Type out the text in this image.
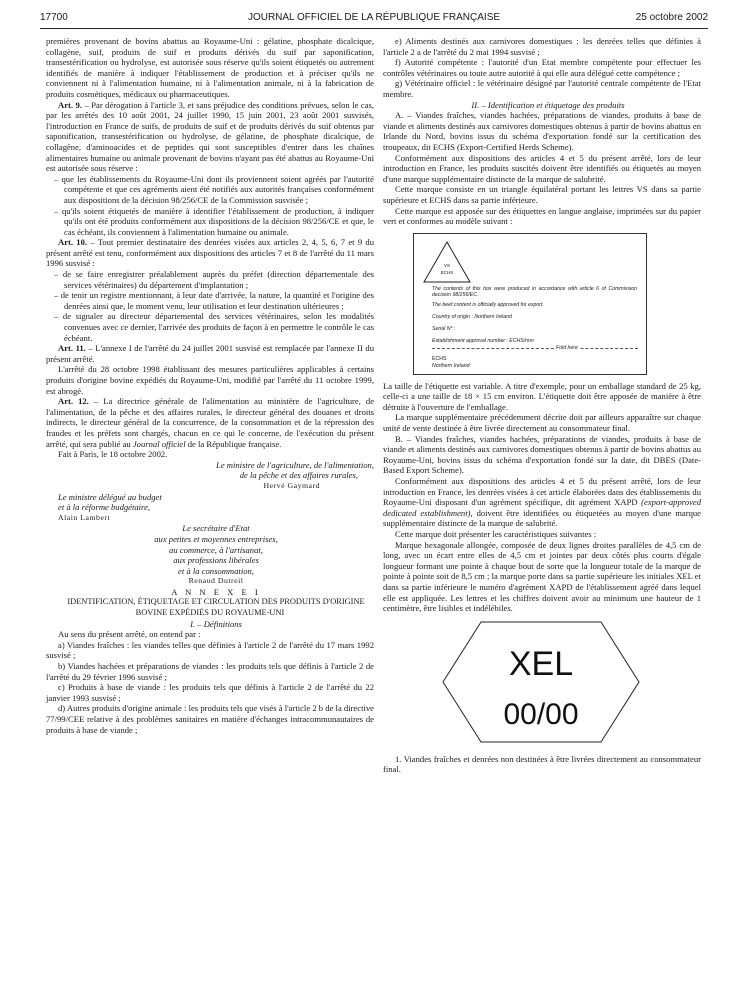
17700	JOURNAL OFFICIEL DE LA RÉPUBLIQUE FRANÇAISE	25 octobre 2002

premières provenant de bovins abattus au Royaume-Uni : gélatine, phosphate dicalcique, collagène, suif, produits de suif et produits dérivés du suif par saponification, transestérification ou hydrolyse, est autorisée sous réserve qu'ils soient étiquetés ou autrement identifiés de manière à indiquer l'établissement de production et à préciser qu'ils ne conviennent ni à l'alimentation humaine, ni à l'alimentation animale, ni à la fabrication de produits cosmétiques, médicaux ou pharmaceutiques.

Art. 9. – Par dérogation à l'article 3, et sans préjudice des conditions prévues, selon le cas, par les arrêtés des 10 août 2001, 24 juillet 1990, 15 juin 2001, 23 août 2001 susvisés, l'introduction en France de suifs, de produits de suif et de produits dérivés du suif obtenus par saponification, transestérification ou hydrolyse, de gélatine, de phosphate dicalcique, de collagène, d'aminoacides et de peptides qui sont susceptibles d'entrer dans les chaînes alimentaires humaine ou animale provenant de bovins n'ayant pas été abattus au Royaume-Uni est autorisée sous réserve :

– que les établissements du Royaume-Uni dont ils proviennent soient agréés par l'autorité compétente et que ces agréments aient été notifiés aux autorités françaises conformément aux dispositions de la décision 98/256/CE de la Commission susvisée ;

– qu'ils soient étiquetés de manière à identifier l'établissement de production, à indiquer qu'ils ont été produits conformément aux dispositions de la décision 98/256/CE et que, le cas échéant, ils conviennent à l'alimentation humaine ou animale.

Art. 10. – Tout premier destinataire des denrées visées aux articles 2, 4, 5, 6, 7 et 9 du présent arrêté est tenu, conformément aux dispositions des articles 7 et 8 de l'arrêté du 11 mars 1996 susvisé :

– de se faire enregistrer préalablement auprès du préfet (direction départementale des services vétérinaires) du département d'implantation ;

– de tenir un registre mentionnant, à leur date d'arrivée, la nature, la quantité et l'origine des denrées ainsi que, le moment venu, leur utilisation et leur destination ultérieures ;

– de signaler au directeur départemental des services vétérinaires, selon les modalités convenues avec ce dernier, l'arrivée des produits de façon à en permettre le contrôle le cas échéant.

Art. 11. – L'annexe I de l'arrêté du 24 juillet 2001 susvisé est remplacée par l'annexe II du présent arrêté.

L'arrêté du 28 octobre 1998 établissant des mesures particulières applicables à certains produits d'origine bovine expédiés du Royaume-Uni, modifié par l'arrêté du 11 octobre 1999, est abrogé.

Art. 12. – La directrice générale de l'alimentation au ministère de l'agriculture, de l'alimentation, de la pêche et des affaires rurales, le directeur général des douanes et droits indirects, le directeur général de la concurrence, de la consommation et de la répression des fraudes et les préfets sont chargés, chacun en ce qui le concerne, de l'exécution du présent arrêté, qui sera publié au Journal officiel de la République française.

Fait à Paris, le 18 octobre 2002.

Le ministre de l'agriculture, de l'alimentation,

de la pêche et des affaires rurales,

Hervé Gaymard

Le ministre délégué au budget

et à la réforme budgétaire,

Alain Lambert

Le secrétaire d'Etat

aux petites et moyennes entreprises,

au commerce, à l'artisanat,

aux professions libérales

et à la consommation,

Renaud Dutreil

A N N E X E I

IDENTIFICATION, ÉTIQUETAGE ET CIRCULATION DES PRODUITS D'ORIGINE BOVINE EXPÉDIÉS DU ROYAUME-UNI

I. – Définitions

Au sens du présent arrêté, on entend par :

a) Viandes fraîches : les viandes telles que définies à l'article 2 de l'arrêté du 17 mars 1992 susvisé ;

b) Viandes hachées et préparations de viandes : les produits tels que définis à l'article 2 de l'arrêté du 29 février 1996 susvisé ;

c) Produits à base de viande : les produits tels que définis à l'article 2 de l'arrêté du 22 janvier 1993 susvisé ;

d) Autres produits d'origine animale : les produits tels que visés à l'article 2 b de la directive 77/99/CEE relative à des problèmes sanitaires en matière d'échanges intracommunautaires de produits à base de viande ;

e) Aliments destinés aux carnivores domestiques : les denrées telles que définies à l'article 2 a de l'arrêté du 2 mai 1994 susvisé ;

f) Autorité compétente : l'autorité d'un Etat membre compétente pour effectuer les contrôles vétérinaires ou toute autre autorité à qui elle aura délégué cette compétence ;

g) Vétérinaire officiel : le vétérinaire désigné par l'autorité centrale compétente de l'Etat membre.

II. – Identification et étiquetage des produits

A. – Viandes fraîches, viandes hachées, préparations de viandes, produits à base de viande et aliments destinés aux carnivores domestiques obtenus à partir de bovins abattus en Irlande du Nord, bovins issus du schéma d'exportation fondé sur la certification des troupeaux, dit ECHS (Export-Certified Herds Scheme).

Conformément aux dispositions des articles 4 et 5 du présent arrêté, lors de leur introduction en France, les produits suscités doivent être identifiés ou étiquetés au moyen d'une marque supplémentaire distincte de la marque de salubrité.

Cette marque consiste en un triangle équilatéral portant les lettres VS dans sa partie supérieure et ECHS dans sa partie inférieure.

Cette marque est apposée sur des étiquettes en langue anglaise, imprimées sur du papier vert et conformes au modèle suivant :

VS
ECHS
The contents of this box were produced in accordance with article 6 of Commission decision 98/256/EC.
The beef content is officially approved for export.
Country of origin : Northern Ireland
Serial N° :
Establishment approval number : ECHS/nnn
Fold here
ECHS
Northern Ireland

La taille de l'étiquette est variable. A titre d'exemple, pour un emballage standard de 25 kg, celle-ci a une taille de 18 × 15 cm environ. L'étiquette doit être apposée de manière à être détruite à l'ouverture de l'emballage.

La marque supplémentaire précédemment décrite doit par ailleurs apparaître sur chaque unité de vente destinée à être livrée directement au consommateur final.

B. – Viandes fraîches, viandes hachées, préparations de viandes, produits à base de viande et aliments destinés aux carnivores domestiques obtenus à partir de bovins abattus au Royaume-Uni, bovins issus du schéma d'exportation fondé sur la date, dit DBES (Date-Based Export Scheme).

Conformément aux dispositions des articles 4 et 5 du présent arrêté, lors de leur introduction en France, les denrées visées à cet article élaborées dans des établissements du Royaume-Uni disposant d'un agrément spécifique, dit agrément XAPD (export-approved dedicated establishment), doivent être identifiées ou étiquetées au moyen d'une marque supplémentaire distincte de la marque de salubrité.

Cette marque doit présenter les caractéristiques suivantes :

Marque hexagonale allongée, composée de deux lignes droites parallèles de 4,5 cm de long, avec un écart entre elles de 4,5 cm et jointes par deux côtés plus courts d'égale longueur formant une pointe à chaque bout de sorte que la longueur totale de la marque de pointe à pointe soit de 8,5 cm ; la marque porte dans sa partie supérieure les initiales XEL et dans sa partie inférieure le numéro d'agrément XAPD de l'établissement agréé dans lequel elle est appliquée. Les lettres et les chiffres doivent avoir au minimum une hauteur de 1 centimètre, être lisibles et indélébiles.

XEL
00/00

1. Viandes fraîches et denrées non destinées à être livrées directement au consommateur final.
